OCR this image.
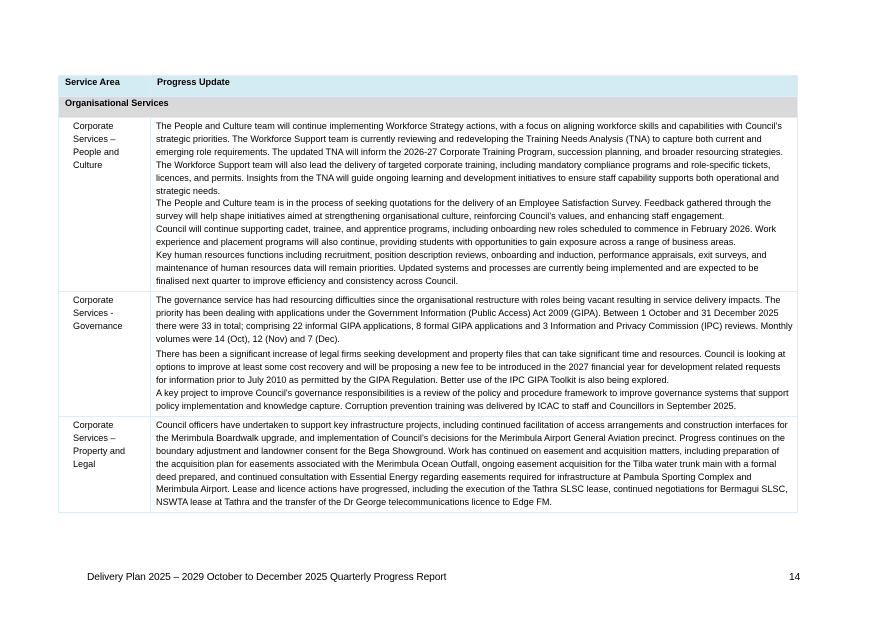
Service Area	Progress Update
Organisational Services	
Corporate Services – People and Culture	The People and Culture team will continue implementing Workforce Strategy actions, with a focus on aligning workforce skills and capabilities with Council’s strategic priorities. The Workforce Support team is currently reviewing and redeveloping the Training Needs Analysis (TNA) to capture both current and emerging role requirements. The updated TNA will inform the 2026-27 Corporate Training Program, succession planning, and broader resourcing strategies.

The Workforce Support team will also lead the delivery of targeted corporate training, including mandatory compliance programs and role-specific tickets, licences, and permits. Insights from the TNA will guide ongoing learning and development initiatives to ensure staff capability supports both operational and strategic needs.

The People and Culture team is in the process of seeking quotations for the delivery of an Employee Satisfaction Survey. Feedback gathered through the survey will help shape initiatives aimed at strengthening organisational culture, reinforcing Council’s values, and enhancing staff engagement.

Council will continue supporting cadet, trainee, and apprentice programs, including onboarding new roles scheduled to commence in February 2026. Work experience and placement programs will also continue, providing students with opportunities to gain exposure across a range of business areas.

Key human resources functions including recruitment, position description reviews, onboarding and induction, performance appraisals, exit surveys, and maintenance of human resources data will remain priorities. Updated systems and processes are currently being implemented and are expected to be finalised next quarter to improve efficiency and consistency across Council.

Corporate Services - Governance	The governance service has had resourcing difficulties since the organisational restructure with roles being vacant resulting in service delivery impacts. The priority has been dealing with applications under the Government Information (Public Access) Act 2009 (GIPA). Between 1 October and 31 December 2025 there were 33 in total; comprising 22 informal GIPA applications, 8 formal GIPA applications and 3 Information and Privacy Commission (IPC) reviews. Monthly volumes were 14 (Oct), 12 (Nov) and 7 (Dec).

There has been a significant increase of legal firms seeking development and property files that can take significant time and resources. Council is looking at options to improve at least some cost recovery and will be proposing a new fee to be introduced in the 2027 financial year for development related requests for information prior to July 2010 as permitted by the GIPA Regulation. Better use of the IPC GIPA Toolkit is also being explored.

A key project to improve Council's governance responsibilities is a review of the policy and procedure framework to improve governance systems that support policy implementation and knowledge capture. Corruption prevention training was delivered by ICAC to staff and Councillors in September 2025.

Corporate Services – Property and Legal	Council officers have undertaken to support key infrastructure projects, including continued facilitation of access arrangements and construction interfaces for the Merimbula Boardwalk upgrade, and implementation of Council’s decisions for the Merimbula Airport General Aviation precinct. Progress continues on the boundary adjustment and landowner consent for the Bega Showground. Work has continued on easement and acquisition matters, including preparation of the acquisition plan for easements associated with the Merimbula Ocean Outfall, ongoing easement acquisition for the Tilba water trunk main with a formal deed prepared, and continued consultation with Essential Energy regarding easements required for infrastructure at Pambula Sporting Complex and Merimbula Airport. Lease and licence actions have progressed, including the execution of the Tathra SLSC lease, continued negotiations for Bermagui SLSC, NSWTA lease at Tathra and the transfer of the Dr George telecommunications licence to Edge FM.

Delivery Plan 2025 – 2029 October to December 2025 Quarterly Progress Report	14
